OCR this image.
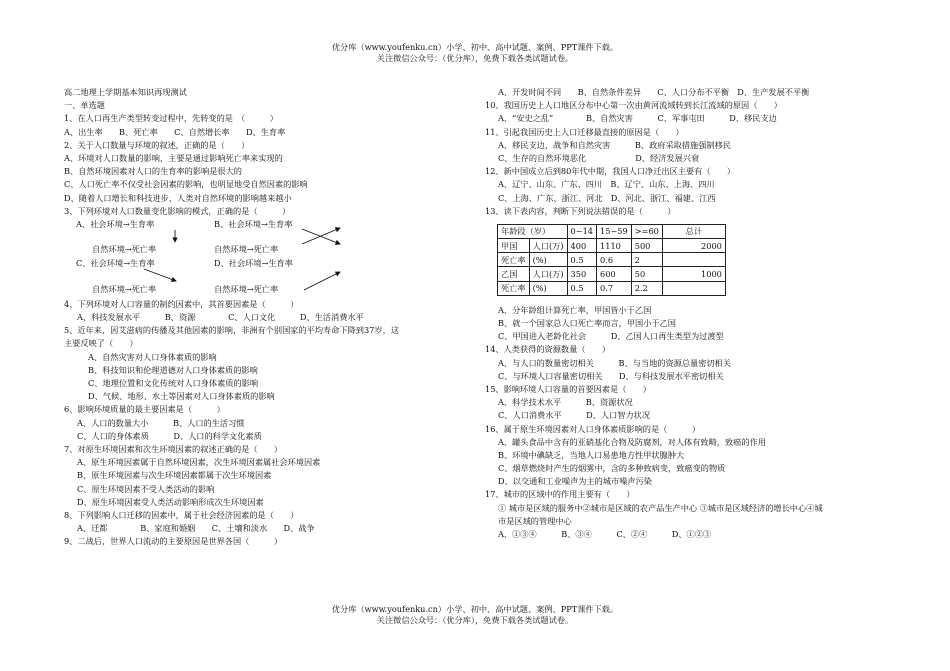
优分库（www.youfenku.cn）小学、初中、高中试题、案例、PPT课件下载。
关注微信公众号：（优分库），免费下载各类试题试卷。
高二地理上学期基本知识再现测试
一、单选题
1、在人口再生产类型转变过程中，先转变的是　（　　　）
A、出生率　　B、死亡率　　C、自然增长率　　D、生育率
2、关于人口数量与环境的叙述，正确的是（　　）
A、环境对人口数量的影响，主要是通过影响死亡率来实现的
B、自然环境因素对人口的生育率的影响是很大的
C、人口死亡率不仅受社会因素的影响，也明显地受自然因素的影响
D、随着人口增长和科技进步，人类对自然环境的影响越来越小
3、下列环境对人口数量变化影响的模式，正确的是（　　　）
A、社会环境→生育率	B、社会环境→生育率
自然环境→死亡率	自然环境→死亡率
C、社会环境→生育率	D、社会环境→生育率
自然环境→死亡率	自然环境→死亡率
4、下列环境对人口容量的制约因素中，其首要因素是（　　　）
A、科技发展水平　　　B、资源　　　　C、人口文化　　　D、生活消费水平
5、近年来，因艾滋病的传播及其他因素的影响，非洲有个别国家的平均寿命下降到37岁，这
主要反映了（　　）
A、自然灾害对人口身体素质的影响
B、科技知识和伦理道德对人口身体素质的影响
C、地理位置和文化传统对人口身体素质的影响
D、气候、地形、水土等因素对人口身体素质的影响
6、影响环境质量的最主要因素是（　　　）
A、人口的数量大小　　　B、人口的生活习惯
C、人口的身体素质　　　D、人口的科学文化素质
7、对原生环境因素和次生环境因素的叙述正确的是（　　）
A、原生环境因素属于自然环境因素，次生环境因素属社会环境因素
B、原生环境因素与次生环境因素都属于次生环境因素
C、原生环境因素不受人类活动的影响
D、原生环境因素受人类活动影响形成次生环境因素
8、下列影响人口迁移的因素中，属于社会经济因素的是（　　）
A、迁都　　　　B、家庭和婚姻　　C、土壤和淡水　　D、战争
9、二战后，世界人口流动的主要原因是世界各国（　　　）
A、开发时间不同　　B、自然条件差异　　C、人口分布不平衡　D、生产发展不平衡
10、我国历史上人口地区分布中心第一次由黄河流域转到长江流域的原因（　　）
A、“安史之乱”　　　　B、自然灾害　　　C、军事屯田　　　D、移民支边
11、引起我国历史上人口迁移最直接的原因是（　　）
A、移民支边，战争和自然灾害　　　B、政府采取措施强制移民
C、生存的自然环境恶化　　　　　　D、经济发展兴衰
12、新中国成立后到80年代中期，我国人口净迁出区主要有（　　）
A、辽宁、山东、广东、四川　B、辽宁、山东、上海、四川
C、上海、广东、浙江、河北　D、河北、浙江、福建、江西
13、读下表内容，判断下列说法错误的是（　　　）
年龄段（岁）		0~14	15~59	>=60	总计
甲国	人口(万)	400	1110	500	2000
死亡率	(%)	0.5	0.6	2	
乙国	人口(万)	350	600	50	1000
死亡率	(%)	0.5	0.7	2.2	
A、分年龄组计算死亡率，甲国皆小于乙国
B、就一个国家总人口死亡率而言，甲国小于乙国
C、甲国进入老龄化社会　　　D、乙国人口再生类型为过渡型
14、人类获得的资源数量（　　）
A、与人口的数量密切相关　　　B、与当地的资源总量密切相关
C、与环境人口容量密切相关　　D、与科技发展水平密切相关
15、影响环境人口容量的首要因素是（　　）
A、科学技术水平　　　B、资源状况
C、人口消费水平　　　D、人口智力状况
16、属于原生环境因素对人口身体素质影响的是（　　　）
A、罐头食品中含有的亚硝基化合物及防腐剂，对人体有致畸，致癌的作用
B、环境中碘缺乏，当地人口易患地方性甲状腺肿大
C、烟草燃烧时产生的烟雾中，含的多种致病变，致癌变的物质
D、以交通和工业噪声为主的城市噪声污染
17、城市的区域中的作用主要有（　　）
① 城市是区域的服务中②城市是区域的农产品生产中心 ③城市是区域经济的增长中心④城
市是区域的管理中心
A、①③④　　　B、③④　　　C、②④　　　D、①②③
优分库（www.youfenku.cn）小学、初中、高中试题、案例、PPT课件下载。
关注微信公众号：（优分库），免费下载各类试题试卷。
